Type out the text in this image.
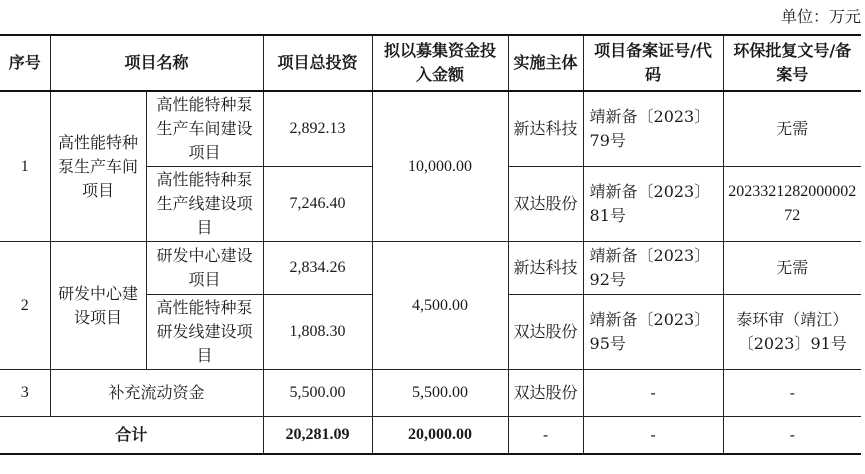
单位：万元
序号	项目名称		项目总投资	拟以募集资金投入金额	实施主体	项目备案证号/代码	环保批复文号/备案号
1	高性能特种泵生产车间项目	高性能特种泵生产车间建设项目	2,892.13	10,000.00	新达科技	靖新备〔2023〕79号	无需
		高性能特种泵生产线建设项目	7,246.40		双达股份	靖新备〔2023〕81号	202332128200000272
2	研发中心建设项目	研发中心建设项目	2,834.26	4,500.00	新达科技	靖新备〔2023〕92号	无需
		高性能特种泵研发线建设项目	1,808.30		双达股份	靖新备〔2023〕95号	泰环审（靖江）〔2023〕91号
3	补充流动资金		5,500.00	5,500.00	双达股份	-	-
合计			20,281.09	20,000.00	-	-	-
